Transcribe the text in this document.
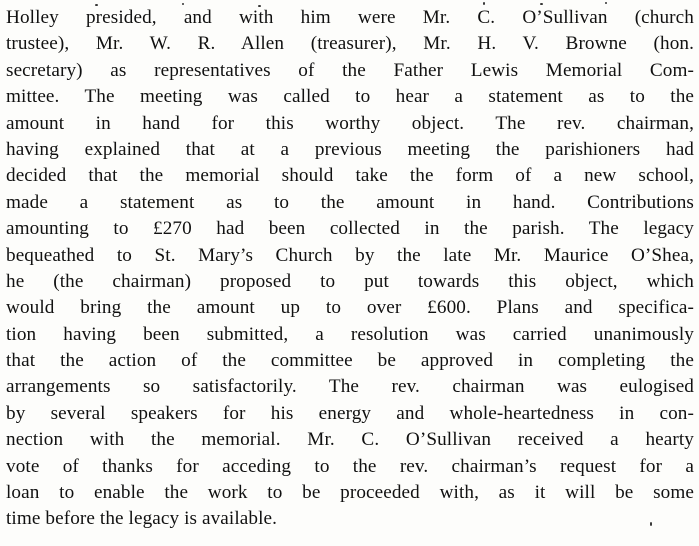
Holley presided, and with him were Mr. C. O’Sullivan (church
trustee), Mr. W. R. Allen (treasurer), Mr. H. V. Browne (hon.
secretary) as representatives of the Father Lewis Memorial Com-
mittee. The meeting was called to hear a statement as to the
amount in hand for this worthy object. The rev. chairman,
having explained that at a previous meeting the parishioners had
decided that the memorial should take the form of a new school,
made a statement as to the amount in hand. Contributions
amounting to £270 had been collected in the parish. The legacy
bequeathed to St. Mary’s Church by the late Mr. Maurice O’Shea,
he (the chairman) proposed to put towards this object, which
would bring the amount up to over £600. Plans and specifica-
tion having been submitted, a resolution was carried unanimously
that the action of the committee be approved in completing the
arrangements so satisfactorily. The rev. chairman was eulogised
by several speakers for his energy and whole-heartedness in con-
nection with the memorial. Mr. C. O’Sullivan received a hearty
vote of thanks for acceding to the rev. chairman’s request for a
loan to enable the work to be proceeded with, as it will be some
time before the legacy is available.
